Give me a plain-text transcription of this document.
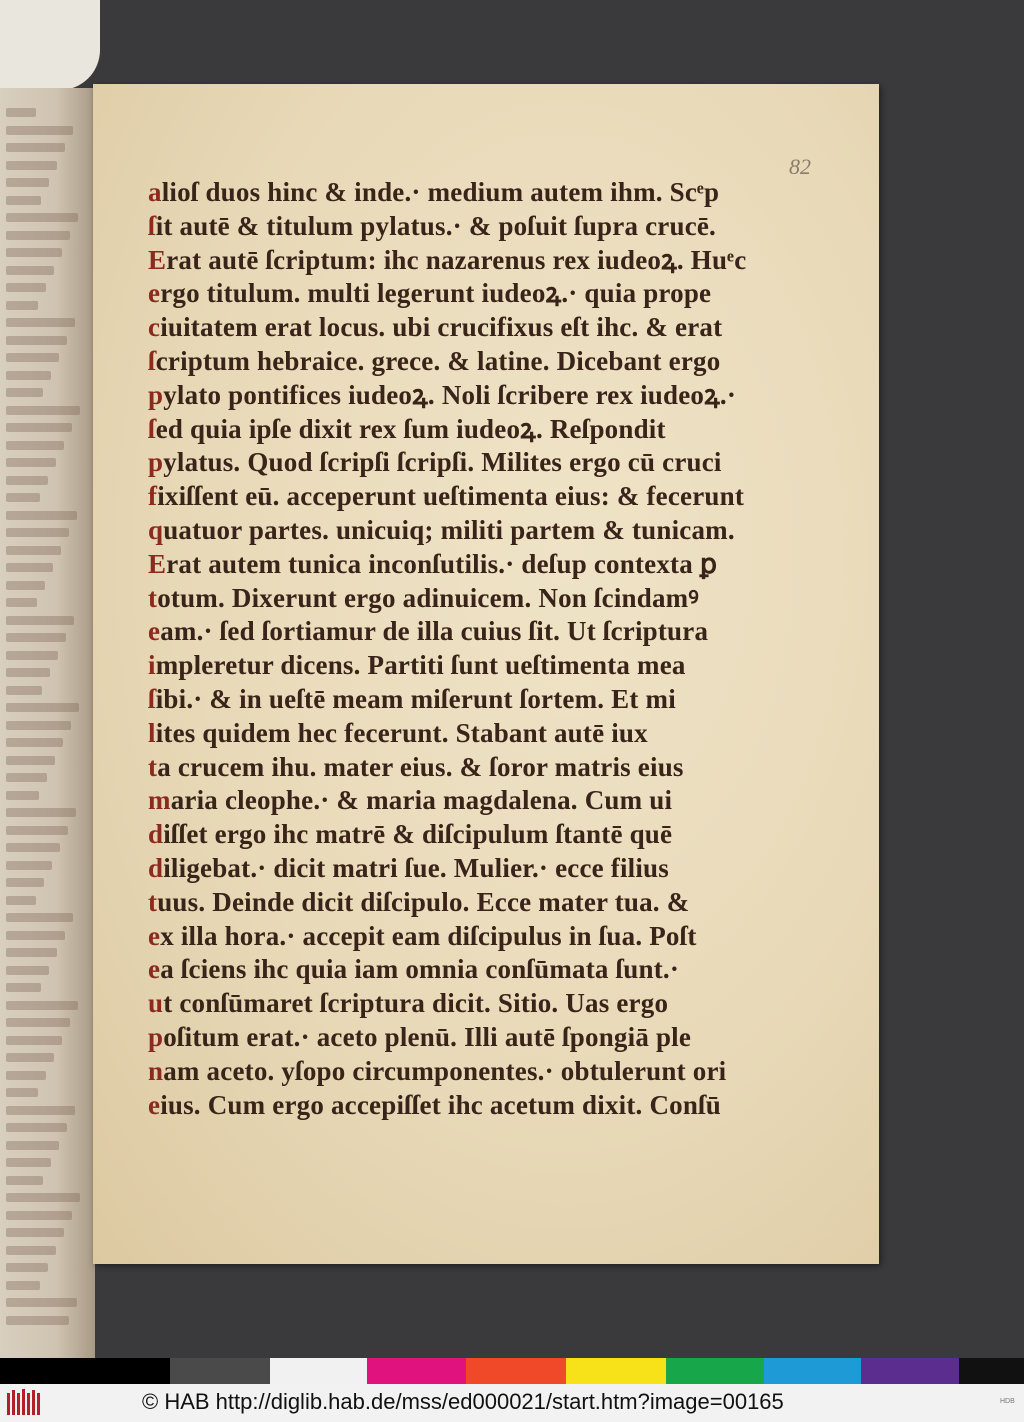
82
alioſ duos hinc & inde.· medium autem ihm. Scͤp
ſit autē & titulum pylatus.· & poſuit ſupra crucē.
Erat autē ſcriptum: ihc nazarenus rex iudeoꝝ. Huͤc
ergo titulum. multi legerunt iudeoꝝ.· quia prope
ciuitatem erat locus. ubi crucifixus eſt ihc. & erat
ſcriptum hebraice. grece. & latine. Dicebant ergo
pylato pontifices iudeoꝝ. Noli ſcribere rex iudeoꝝ.·
ſed quia ipſe dixit rex ſum iudeoꝝ. Reſpondit
pylatus. Quod ſcripſi ſcripſi. Milites ergo cū cruci
fixiſſent eū. acceperunt ueſtimenta eius: & fecerunt
quatuor partes. unicuiq; militi partem & tunicam.
Erat autem tunica inconſutilis.· deſup contexta ꝑ
totum. Dixerunt ergo adinuicem. Non ſcindamꝰ
eam.· ſed ſortiamur de illa cuius ſit. Ut ſcriptura
impleretur dicens. Partiti ſunt ueſtimenta mea
ſibi.· & in ueſtē meam miſerunt ſortem. Et mi
lites quidem hec fecerunt. Stabant autē iux
ta crucem ihu. mater eius. & ſoror matris eius
maria cleophe.· & maria magdalena. Cum ui
diſſet ergo ihc matrē & diſcipulum ſtantē quē
diligebat.· dicit matri ſue. Mulier.· ecce filius
tuus. Deinde dicit diſcipulo. Ecce mater tua. &
ex illa hora.· accepit eam diſcipulus in ſua. Poſt
ea ſciens ihc quia iam omnia conſūmata ſunt.·
ut conſūmaret ſcriptura dicit. Sitio. Uas ergo
poſitum erat.· aceto plenū. Illi autē ſpongiā ple
nam aceto. yſopo circumponentes.· obtulerunt ori
eius. Cum ergo accepiſſet ihc acetum dixit. Conſū
© HAB http://diglib.hab.de/mss/ed000021/start.htm?image=00165	HDB
